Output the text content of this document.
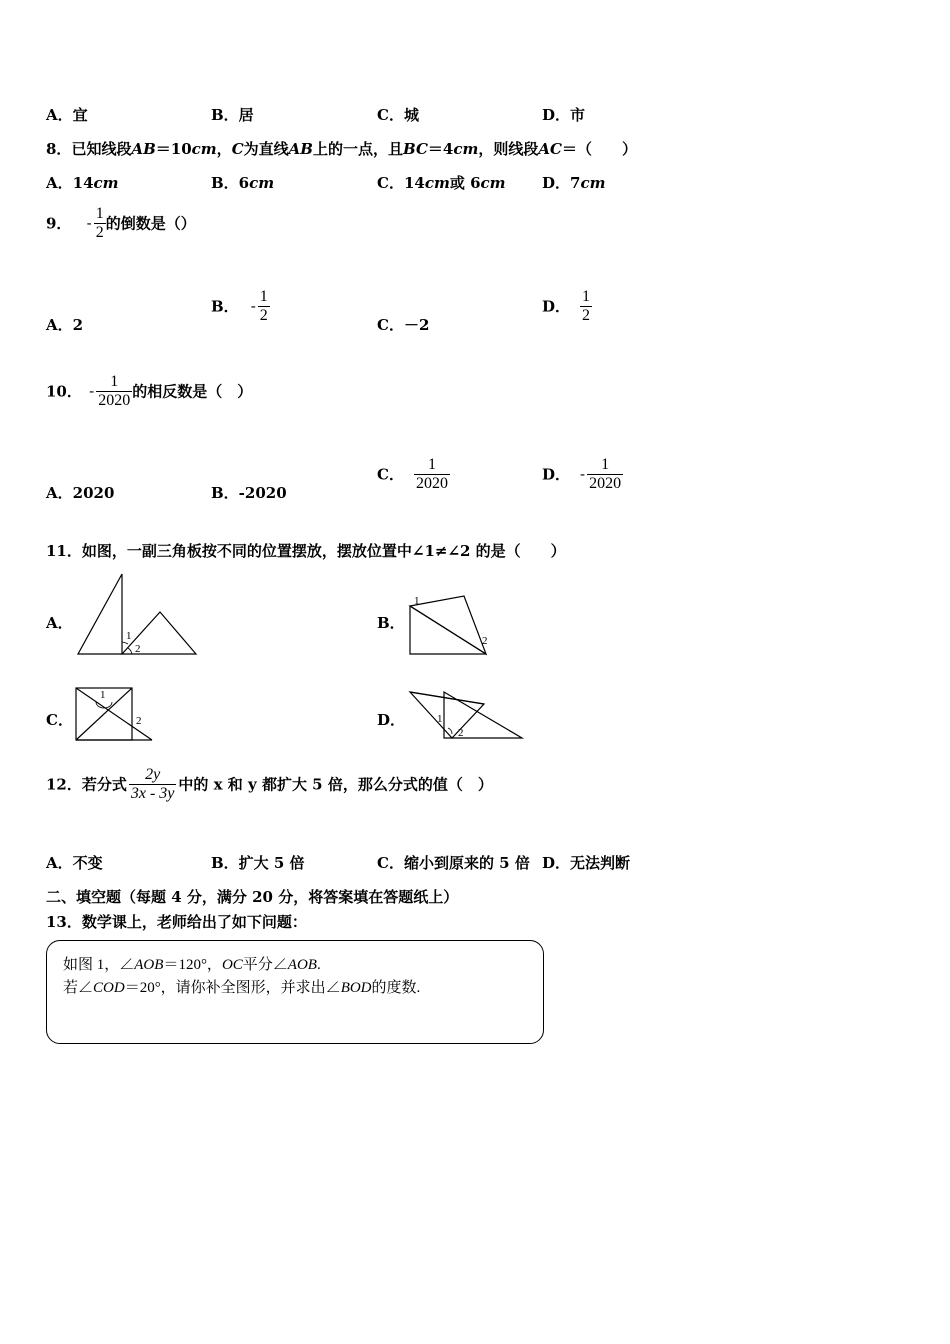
A．宜	B．居	C．城	D．市
8．已知线段AB＝10cm，C为直线AB上的一点，且BC＝4cm，则线段AC＝（　　）
A．14cm	B．6cm	C．14cm或 6cm D．7cm
9． - $\frac{1}{2}$ 的倒数是（）
A．2
B． - $\frac{1}{2}$
C．－2
D． $\frac{1}{2}$
10． - $\frac{1}{2020}$ 的相反数是（　）
A．2020	B．-2020
C． $\frac{1}{2020}$	D． - $\frac{1}{2020}$
11．如图，一副三角板按不同的位置摆放，摆放位置中∠1≠∠2 的是（　　）
A．
1
2
B．
1
2
C．
1
2	D．	1
2
12．若分式 $\frac{2y}{3x - 3y}$ 中的 x 和 y 都扩大 5 倍，那么分式的值（　）
A．不变	B．扩大 5 倍	C．缩小到原来的 5 倍 D．无法判断
二、填空题（每题 4 分，满分 20 分，将答案填在答题纸上）
13．数学课上，老师给出了如下问题：
如图 1，∠AOB＝120°，OC平分∠AOB.
若∠COD＝20°，请你补全图形，并求出∠BOD的度数.
